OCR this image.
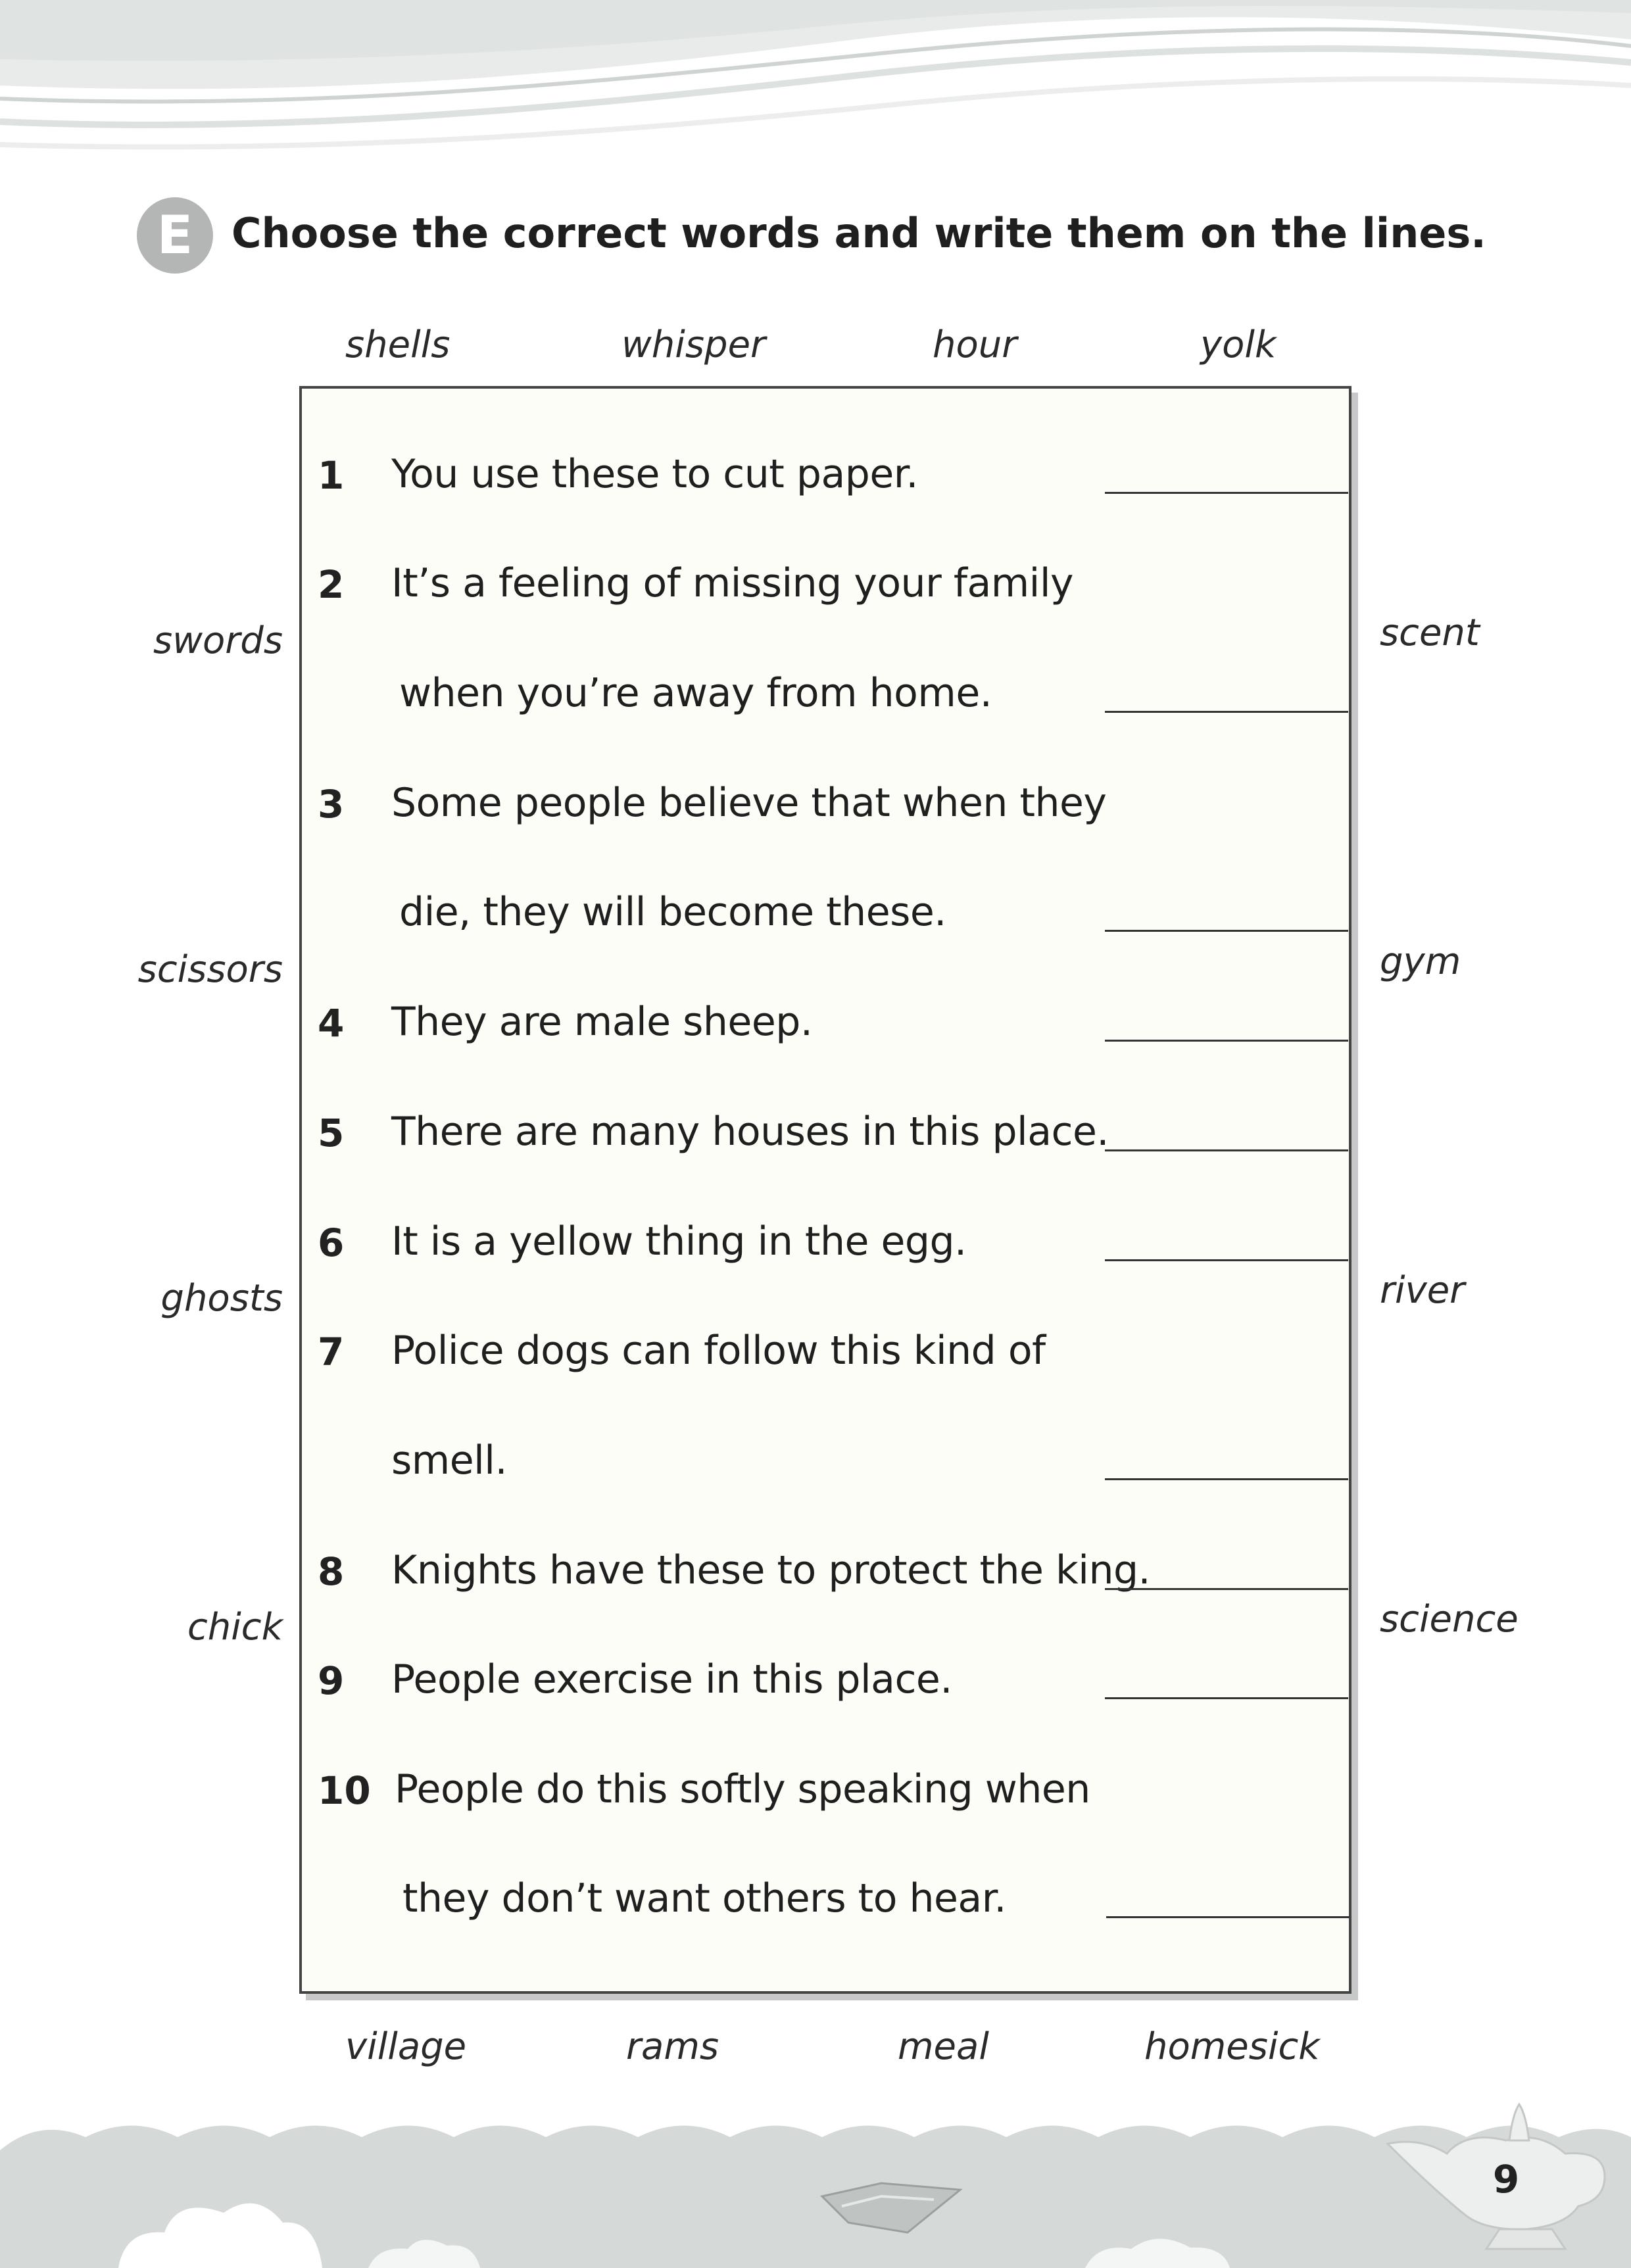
E Choose the correct words and write them on the lines.
shells	whisper	hour	yolk
swords
scissors
ghosts
chick
scent
gym
river
science
1 You use these to cut paper.
2 It’s a feeling of missing your family
when you’re away from home.
3 Some people believe that when they
die, they will become these.
4 They are male sheep.
5 There are many houses in this place.
6 It is a yellow thing in the egg.
7 Police dogs can follow this kind of
smell.
8 Knights have these to protect the king.
9 People exercise in this place.
10 People do this softly speaking when
they don’t want others to hear.
village	rams	meal	homesick
9
